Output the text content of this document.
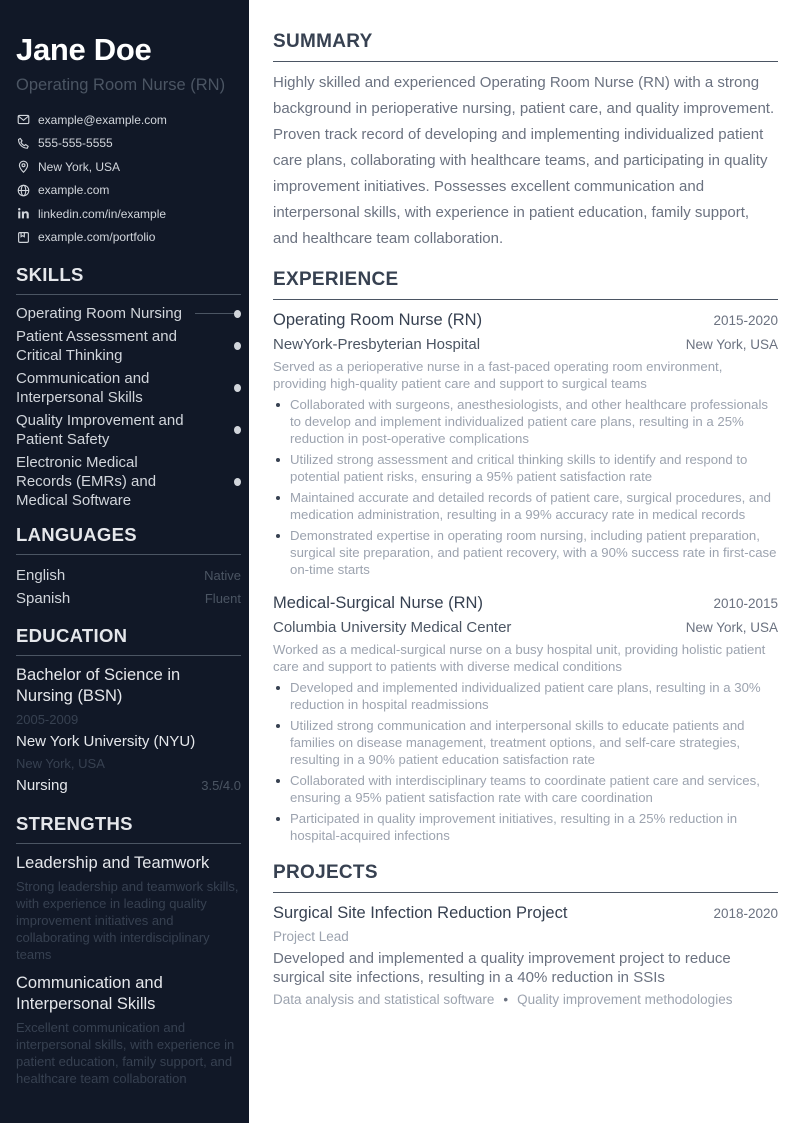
Jane Doe
Operating Room Nurse (RN)
example@example.com
555-555-5555
New York, USA
example.com
linkedin.com/in/example
example.com/portfolio
SKILLS
Operating Room Nursing
Patient Assessment and Critical Thinking
Communication and Interpersonal Skills
Quality Improvement and Patient Safety
Electronic Medical Records (EMRs) and Medical Software
LANGUAGES
English	Native
Spanish	Fluent
EDUCATION
Bachelor of Science in Nursing (BSN)
2005-2009
New York University (NYU)
New York, USA
Nursing	3.5/4.0
STRENGTHS
Leadership and Teamwork
Strong leadership and teamwork skills, with experience in leading quality improvement initiatives and collaborating with interdisciplinary teams
Communication and Interpersonal Skills
Excellent communication and interpersonal skills, with experience in patient education, family support, and healthcare team collaboration
SUMMARY

Highly skilled and experienced Operating Room Nurse (RN) with a strong background in perioperative nursing, patient care, and quality improvement. Proven track record of developing and implementing individualized patient care plans, collaborating with healthcare teams, and participating in quality improvement initiatives. Possesses excellent communication and interpersonal skills, with experience in patient education, family support, and healthcare team collaboration.

EXPERIENCE
Operating Room Nurse (RN)	2015-2020
NewYork-Presbyterian Hospital	New York, USA
Served as a perioperative nurse in a fast-paced operating room environment, providing high-quality patient care and support to surgical teams
Collaborated with surgeons, anesthesiologists, and other healthcare professionals to develop and implement individualized patient care plans, resulting in a 25% reduction in post-operative complications
Utilized strong assessment and critical thinking skills to identify and respond to potential patient risks, ensuring a 95% patient satisfaction rate
Maintained accurate and detailed records of patient care, surgical procedures, and medication administration, resulting in a 99% accuracy rate in medical records
Demonstrated expertise in operating room nursing, including patient preparation, surgical site preparation, and patient recovery, with a 90% success rate in first-case on-time starts
Medical-Surgical Nurse (RN)	2010-2015
Columbia University Medical Center	New York, USA
Worked as a medical-surgical nurse on a busy hospital unit, providing holistic patient care and support to patients with diverse medical conditions
Developed and implemented individualized patient care plans, resulting in a 30% reduction in hospital readmissions
Utilized strong communication and interpersonal skills to educate patients and families on disease management, treatment options, and self-care strategies, resulting in a 90% patient education satisfaction rate
Collaborated with interdisciplinary teams to coordinate patient care and services, ensuring a 95% patient satisfaction rate with care coordination
Participated in quality improvement initiatives, resulting in a 25% reduction in hospital-acquired infections
PROJECTS
Surgical Site Infection Reduction Project	2018-2020
Project Lead
Developed and implemented a quality improvement project to reduce surgical site infections, resulting in a 40% reduction in SSIs
Data analysis and statistical software • Quality improvement methodologies
